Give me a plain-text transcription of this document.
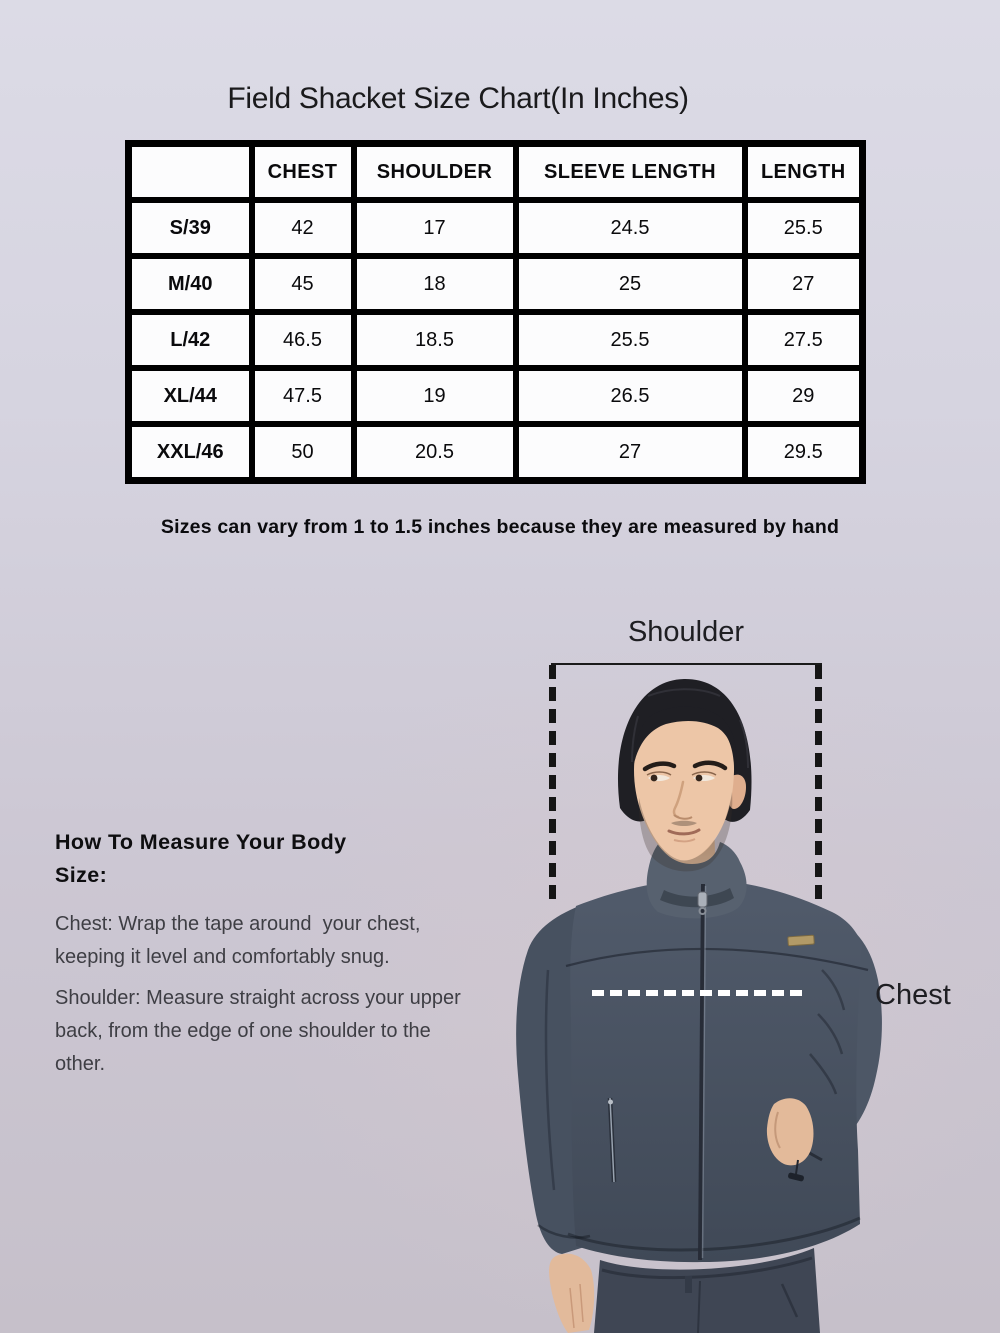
Field Shacket Size Chart(In Inches)
	CHEST	SHOULDER	SLEEVE LENGTH	LENGTH
S/39	42	17	24.5	25.5
M/40	45	18	25	27
L/42	46.5	18.5	25.5	27.5
XL/44	47.5	19	26.5	29
XXL/46	50	20.5	27	29.5
Sizes can vary from 1 to 1.5 inches because they are measured by hand
Shoulder
Chest
How To Measure Your Body Size:

Chest: Wrap the tape around  your chest, keeping it level and comfortably snug.

Shoulder: Measure straight across your upper back, from the edge of one shoulder to the other.
